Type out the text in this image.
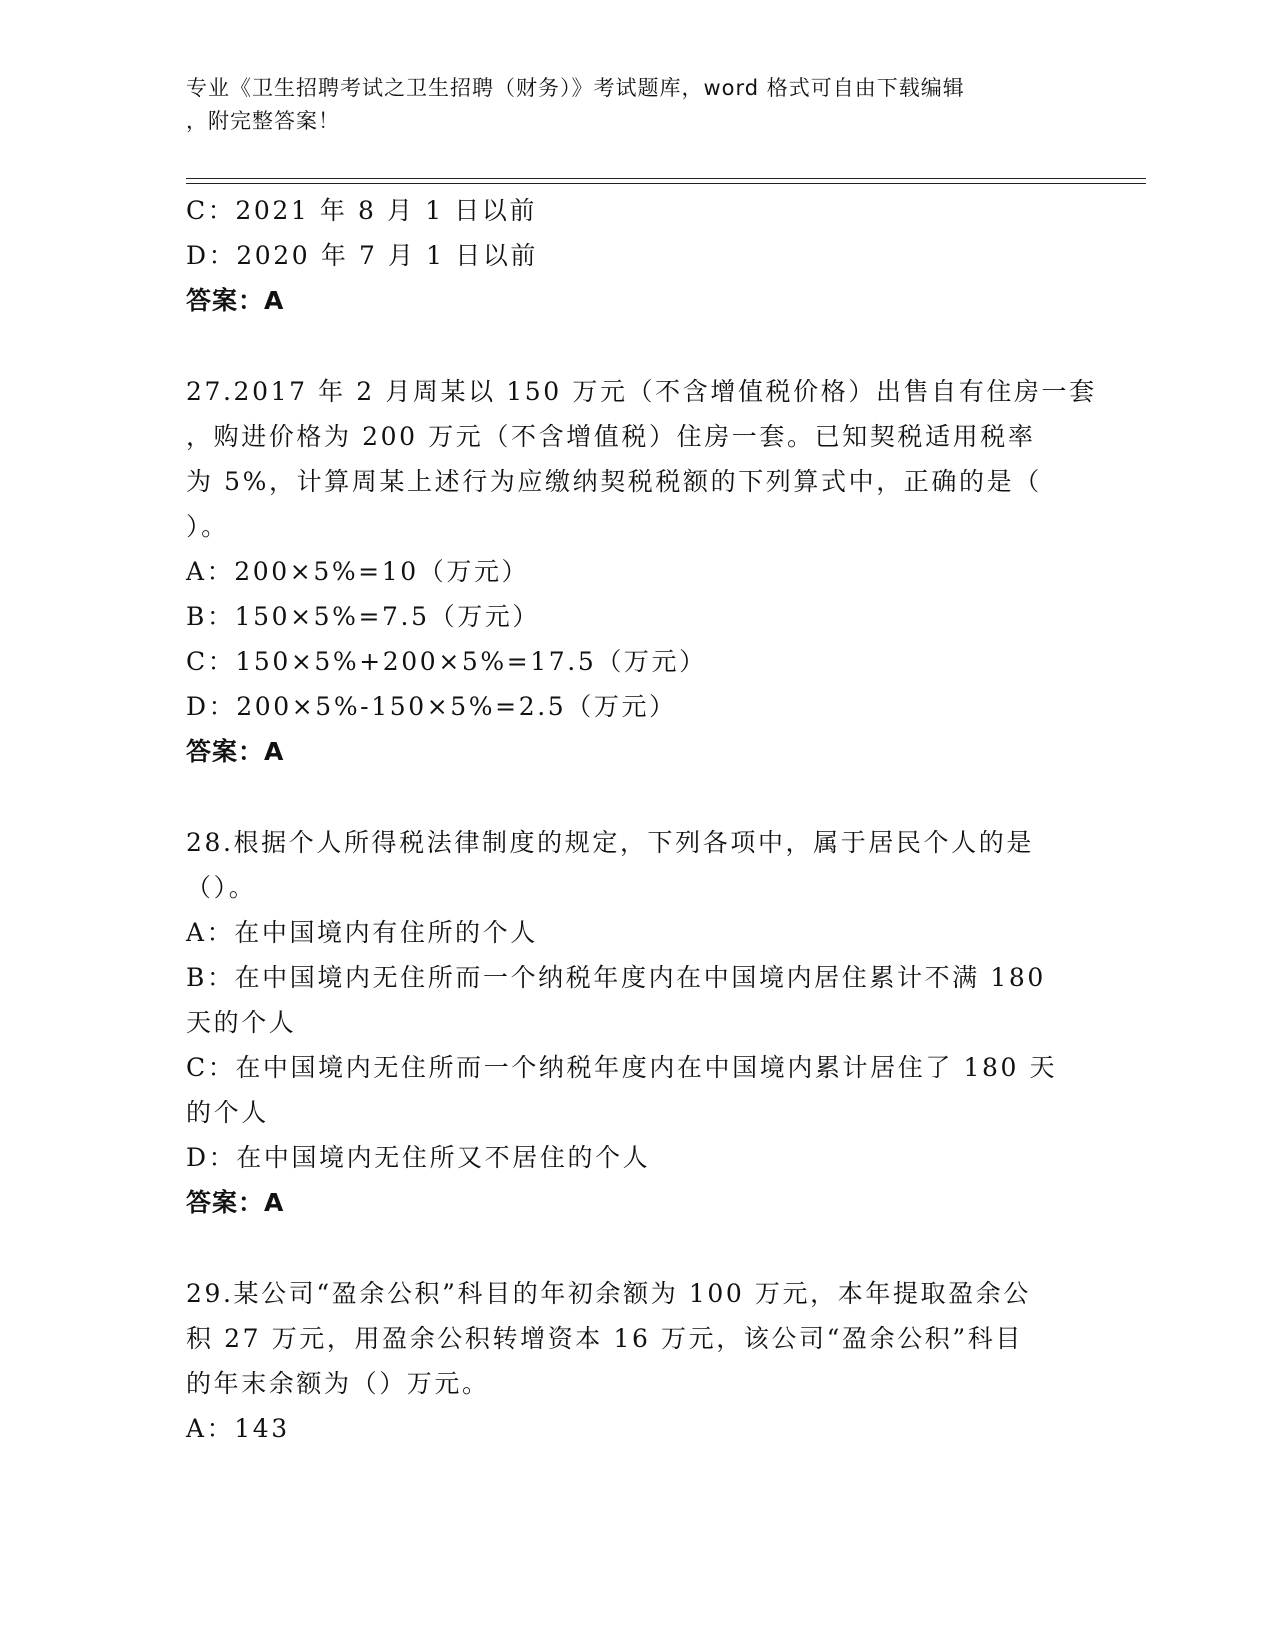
专业《卫生招聘考试之卫生招聘（财务）》考试题库，word 格式可自由下载编辑
，附完整答案！
C：2021 年 8 月 1 日以前
D：2020 年 7 月 1 日以前
答案：A
27.2017 年 2 月周某以 150 万元（不含增值税价格）出售自有住房一套
，购进价格为 200 万元（不含增值税）住房一套。已知契税适用税率
为 5%，计算周某上述行为应缴纳契税税额的下列算式中，正确的是（
）。
A：200×5%=10（万元）
B：150×5%=7.5（万元）
C：150×5%+200×5%=17.5（万元）
D：200×5%-150×5%=2.5（万元）
答案：A
28.根据个人所得税法律制度的规定，下列各项中，属于居民个人的是
（）。
A：在中国境内有住所的个人
B：在中国境内无住所而一个纳税年度内在中国境内居住累计不满 180
天的个人
C：在中国境内无住所而一个纳税年度内在中国境内累计居住了 180 天
的个人
D：在中国境内无住所又不居住的个人
答案：A
29.某公司“盈余公积”科目的年初余额为 100 万元，本年提取盈余公
积 27 万元，用盈余公积转增资本 16 万元，该公司“盈余公积”科目
的年末余额为（）万元。
A：143
